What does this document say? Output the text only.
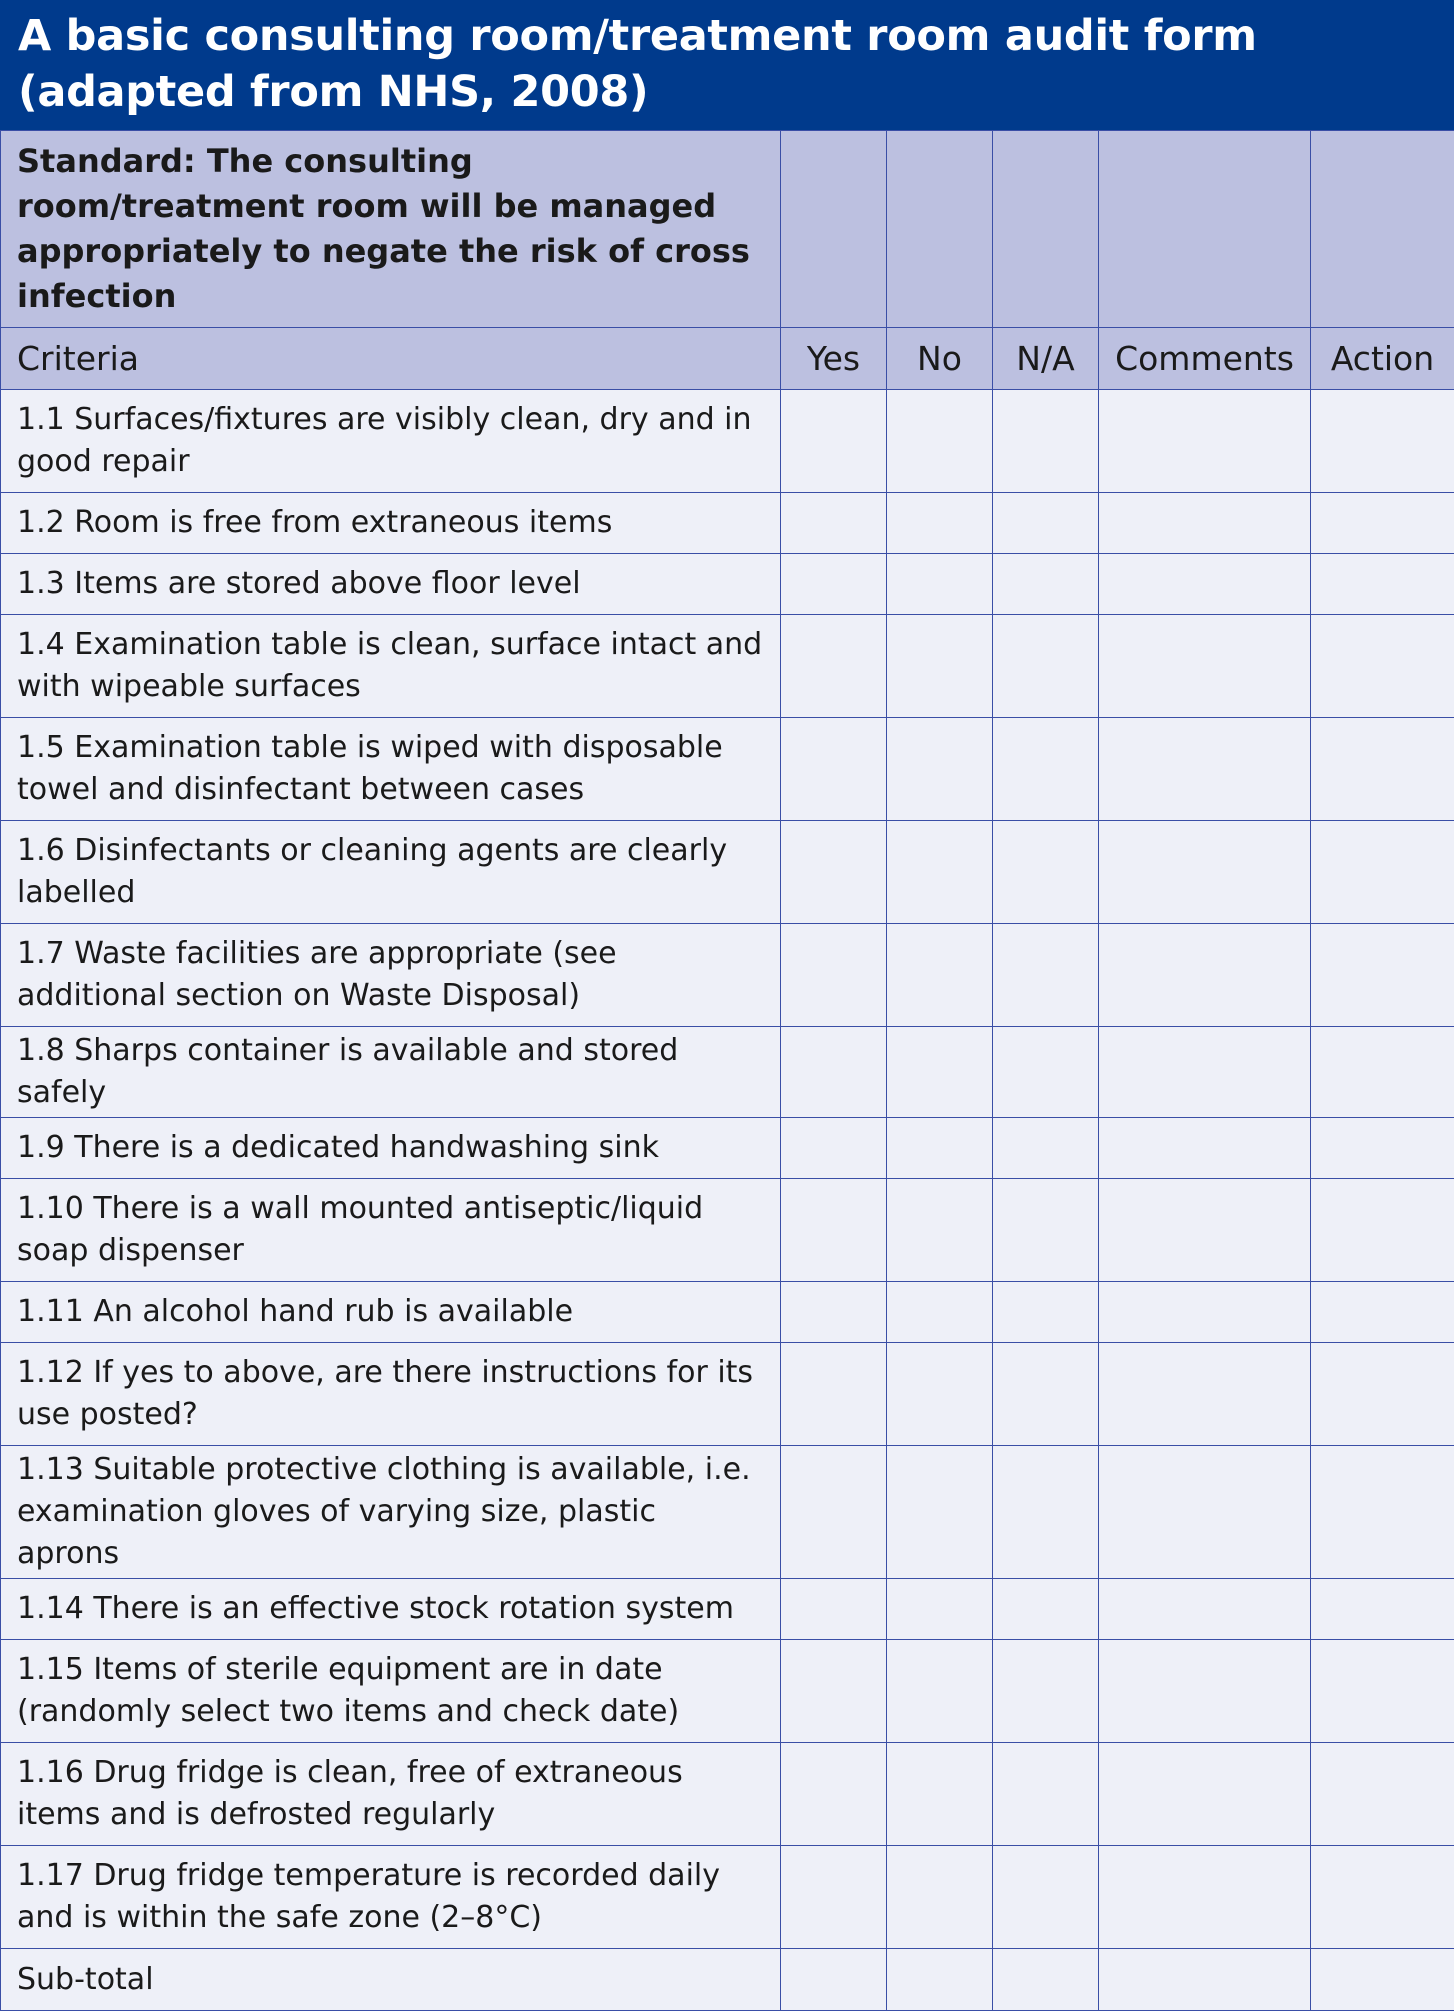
A basic consulting room/treatment room audit form (adapted from NHS, 2008)
Standard: The consulting room/treatment room will be managed appropriately to negate the risk of cross infection					
Criteria	Yes	No	N/A	Comments	Action
1.1 Surfaces/fixtures are visibly clean, dry and in good repair					
1.2 Room is free from extraneous items					
1.3 Items are stored above floor level					
1.4 Examination table is clean, surface intact and with wipeable surfaces					
1.5 Examination table is wiped with disposable towel and disinfectant between cases					
1.6 Disinfectants or cleaning agents are clearly labelled					
1.7 Waste facilities are appropriate (see additional section on Waste Disposal)					
1.8 Sharps container is available and stored safely					
1.9 There is a dedicated handwashing sink					
1.10 There is a wall mounted antiseptic/liquid soap dispenser					
1.11 An alcohol hand rub is available					
1.12 If yes to above, are there instructions for its use posted?					
1.13 Suitable protective clothing is available, i.e. examination gloves of varying size, plastic aprons					
1.14 There is an effective stock rotation system					
1.15 Items of sterile equipment are in date (randomly select two items and check date)					
1.16 Drug fridge is clean, free of extraneous items and is defrosted regularly					
1.17 Drug fridge temperature is recorded daily and is within the safe zone (2–8°C)					
Sub-total					
